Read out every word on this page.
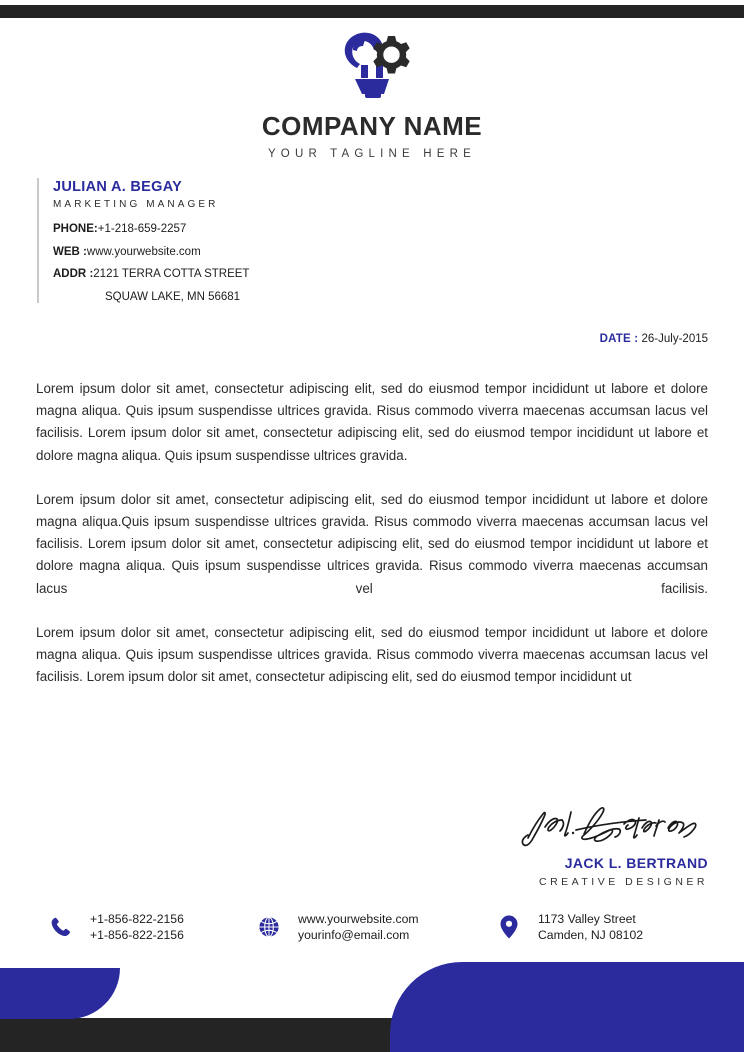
COMPANY NAME
YOUR TAGLINE HERE
JULIAN A. BEGAY
MARKETING MANAGER
PHONE:+1-218-659-2257
WEB :www.yourwebsite.com
ADDR :2121 TERRA COTTA STREET
SQUAW LAKE, MN 56681
DATE : 26-July-2015

Lorem ipsum dolor sit amet, consectetur adipiscing elit, sed do eiusmod tempor incididunt ut labore et dolore magna aliqua. Quis ipsum suspendisse ultrices gravida. Risus commodo viverra maecenas accumsan lacus vel facilisis. Lorem ipsum dolor sit amet, consectetur adipiscing elit, sed do eiusmod tempor incididunt ut labore et dolore magna aliqua. Quis ipsum suspendisse ultrices gravida.

Lorem ipsum dolor sit amet, consectetur adipiscing elit, sed do eiusmod tempor incididunt ut labore et dolore magna aliqua.Quis ipsum suspendisse ultrices gravida. Risus commodo viverra maecenas accumsan lacus vel facilisis. Lorem ipsum dolor sit amet, consectetur adipiscing elit, sed do eiusmod tempor incididunt ut labore et dolore magna aliqua. Quis ipsum suspendisse ultrices gravida. Risus commodo viverra maecenas accumsan lacus vel facilisis.

Lorem ipsum dolor sit amet, consectetur adipiscing elit, sed do eiusmod tempor incididunt ut labore et dolore magna aliqua. Quis ipsum suspendisse ultrices gravida. Risus commodo viverra maecenas accumsan lacus vel facilisis. Lorem ipsum dolor sit amet, consectetur adipiscing elit, sed do eiusmod tempor incididunt ut

JACK L. BERTRAND
CREATIVE DESIGNER
+1-856-822-2156
+1-856-822-2156
www.yourwebsite.com
yourinfo@email.com
1173 Valley Street
Camden, NJ 08102
